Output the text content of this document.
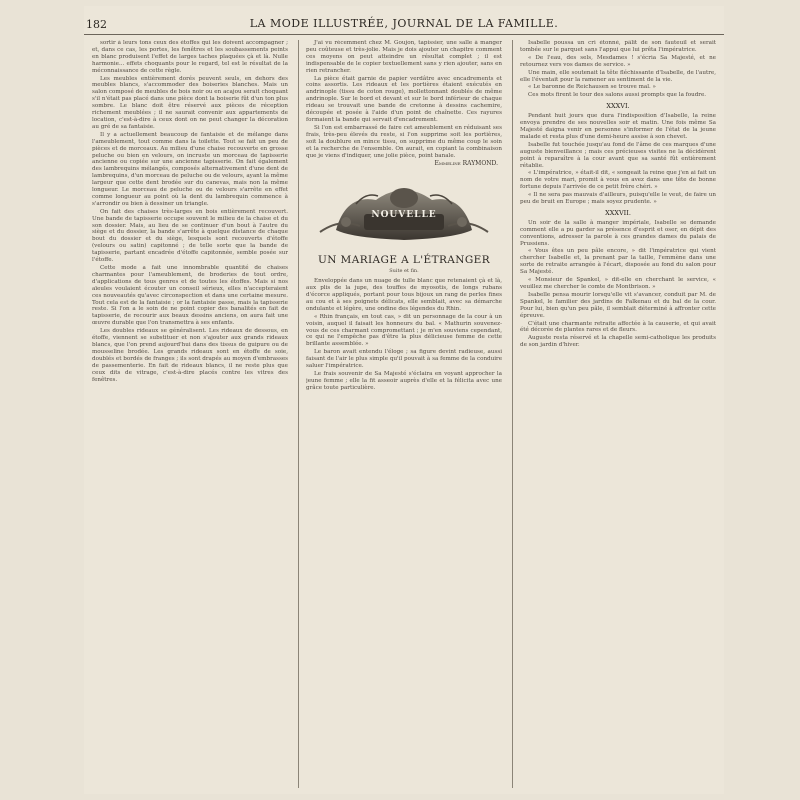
182	LA MODE ILLUSTRÉE, JOURNAL DE LA FAMILLE.

sortir à leurs tons ceux des étoffes qui les doivent accompagner ; et, dans ce cas, les portes, les fenêtres et les soubassements peints en blanc produisent l'effet de larges taches plaquées çà et là. Nulle harmonie... effets choquants pour le regard, tel est le résultat de la méconnaissance de cette règle.

Les meubles entièrement dorés peuvent seuls, en dehors des meubles blancs, s'accommoder des boiseries blanches. Mais un salon composé de meubles de bois noir ou en acajou serait choquant s'il n'était pas placé dans une pièce dont la boiserie fût d'un ton plus sombre. Le blanc doit être réservé aux pièces de réception richement meublées ; il ne saurait convenir aux appartements de location, c'est-à-dire à ceux dont on ne peut changer la décoration au gré de sa fantaisie.

Il y a actuellement beaucoup de fantaisie et de mélange dans l'ameublement, tout comme dans la toilette. Tout se fait un peu de pièces et de morceaux. Au milieu d'une chaise recouverte en grosse peluche ou bien en velours, on incruste un morceau de tapisserie ancienne ou copiée sur une ancienne tapisserie. On fait également des lambrequins mélangés, composés alternativement d'une dent de lambrequins, d'un morceau de peluche ou de velours, ayant la même largeur que cette dent brodée sur du canevas, mais non la même longueur. Le morceau de peluche ou de velours s'arrête en effet comme longueur au point où la dent du lambrequin commence à s'arrondir ou bien à dessiner un triangle.

On fait des chaises très-larges en bois entièrement recouvert. Une bande de tapisserie occupe souvent le milieu de la chaise et du son dossier. Mais, au lieu de se continuer d'un bout à l'autre du siège et du dossier, la bande s'arrête à quelque distance de chaque bout du dossier et du siège, lesquels sont recouverts d'étoffe (velours ou satin) capitonné ; de telle sorte que la bande de tapisserie, partant encadrée d'étoffe capitonnée, semble posée sur l'étoffe.

Cette mode a fait une innombrable quantité de chaises charmantes pour l'ameublement, de broderies de tout ordre, d'applications de tous genres et de toutes les étoffes. Mais si nos aïeules voulaient écouter un conseil sérieux, elles n'accepteraient ces nouveautés qu'avec circonspection et dans une certaine mesure. Tout cela est de la fantaisie ; or la fantaisie passe, mais la tapisserie reste. Si l'on a le soin de ne point copier des banalités en fait de tapisserie, de recourir aux beaux dessins anciens, on aura fait une œuvre durable que l'on transmettra à ses enfants.

Les doubles rideaux se généralisent. Les rideaux de dessous, en étoffe, viennent se substituer et non s'ajouter aux grands rideaux blancs, que l'on prend aujourd'hui dans des tissus de guipure ou de mousseline brodée. Les grands rideaux sont en étoffe de soie, doublés et bordés de franges ; ils sont drapés au moyen d'embrasses de passementerie. En fait de rideaux blancs, il ne reste plus que ceux dits de vitrage, c'est-à-dire placés contre les vitres des fenêtres.

J'ai vu récemment chez M. Goujon, tapissier, une salle à manger peu coûteuse et très-jolie. Mais je dois ajouter un chapitre comment ces moyens on peut atteindre un résultat complet ; il est indispensable de le copier textuellement sans y rien ajouter, sans en rien retrancher.

La pièce était garnie de papier verdâtre avec encadrements et coins assortis. Les rideaux et les portières étaient exécutés en andrinople (tissu de coton rouge), mollettonnant doublés de même andrinople. Sur le bord et devant et sur le bord inférieur de chaque rideau se trouvait une bande de cretonne à dessins cachemire, découpée et posée à l'aide d'un point de chaînette. Ces rayures formaient la bande qui servait d'encadrement.

Si l'on est embarrassé de faire cet ameublement en réduisant ses frais, très-peu élevés du reste, si l'on supprime soit les portières, soit la doublure en mince tissu, on supprime du même coup le soin et la recherche de l'ensemble. On aurait, en copiant la combinaison que je viens d'indiquer, une jolie pièce, point banale.

Emmeline RAYMOND.
NOUVELLE
UN MARIAGE A L'ÉTRANGER
Suite et fin.

Enveloppée dans un nuage de tulle blanc que retenaient çà et là, aux plis de la jupe, des touffes de myosotis, de longs rubans d'écorce appliqués, portant pour tous bijoux un rang de perles fines au cou et à ses poignets délicats, elle semblait, avec sa démarche ondulante et légère, une ondine des légendes du Rhin.

« Rhin français, en tout cas, » dit un personnage de la cour à un voisin, auquel il faisait les honneurs du bal. « Mathurin souvenez-vous de ces charmant compromettant ; je m'en souviens cependant, ce qui ne l'empêche pas d'être la plus délicieuse femme de cette brillante assemblée. »

Le baron avait entendu l'éloge ; sa figure devint radieuse, aussi faisant de l'air le plus simple qu'il pouvait à sa femme de la conduire saluer l'impératrice.

Le frais souvenir de Sa Majesté s'éclaira en voyant approcher la jeune femme ; elle la fit asseoir auprès d'elle et la félicita avec une grâce toute particulière.

Isabelle poussa un cri étonné, pâlit de son fauteuil et serait tombée sur le parquet sans l'appui que lui prêta l'impératrice.

« De l'eau, des sels, Mesdames ! s'écria Sa Majesté, et ne retournez vers vos dames de service. »

Une main, elle soutenait la tête fléchissante d'Isabelle, de l'autre, elle l'éventait pour la ramener au sentiment de la vie.

« Le baronne de Reichausen se trouve mal. »

Ces mots firent le tour des salons aussi prompts que la foudre.

XXXVI.

Pendant huit jours que dura l'indisposition d'Isabelle, la reine envoya prendre de ses nouvelles soir et matin. Une fois même Sa Majesté daigna venir en personne s'informer de l'état de la jeune malade et resta plus d'une demi-heure assise à son chevet.

Isabelle fut touchée jusqu'au fond de l'âme de ces marques d'une auguste bienveillance ; mais ces précieuses visites ne la décidèrent point à reparaître à la cour avant que sa santé fût entièrement rétablie.

« L'impératrice, » était-il dit, « songeait la reine que j'en ai fait un nom de votre mari, promit à vous en avez dans une tête de bonne fortune depuis l'arrivée de ce petit frère chéri. »

« Il ne sera pas mauvais d'ailleurs, puisqu'elle le veut, de faire un peu de bruit en Europe ; mais soyez prudente. »

XXXVII.

Un soir de la salle à manger impériale, Isabelle se demande comment elle a pu garder sa présence d'esprit et oser, en dépit des conventions, adresser la parole à ces grandes dames du palais de Prussiens.

« Vous êtes un peu pâle encore, » dit l'impératrice qui vient chercher Isabelle et, la prenant par la taille, l'emmène dans une sorte de retraite arrangée à l'écart, disposée au fond du salon pour Sa Majesté.

« Monsieur de Spankel, » dit-elle en cherchant le service, « veuillez me chercher le comte de Montbrison. »

Isabelle pensa mourir lorsqu'elle vit s'avancer, conduit par M. de Spankel, le familier des jardins de Falkenau et du bal de la cour. Pour lui, bien qu'un peu pâle, il semblait déterminé à affronter cette épreuve.

C'était une charmante retraite affectée à la causerie, et qui avait été décorée de plantes rares et de fleurs.

Auguste resta réservé et la chapelle semi-catholique les produits de son jardin d'hiver.
